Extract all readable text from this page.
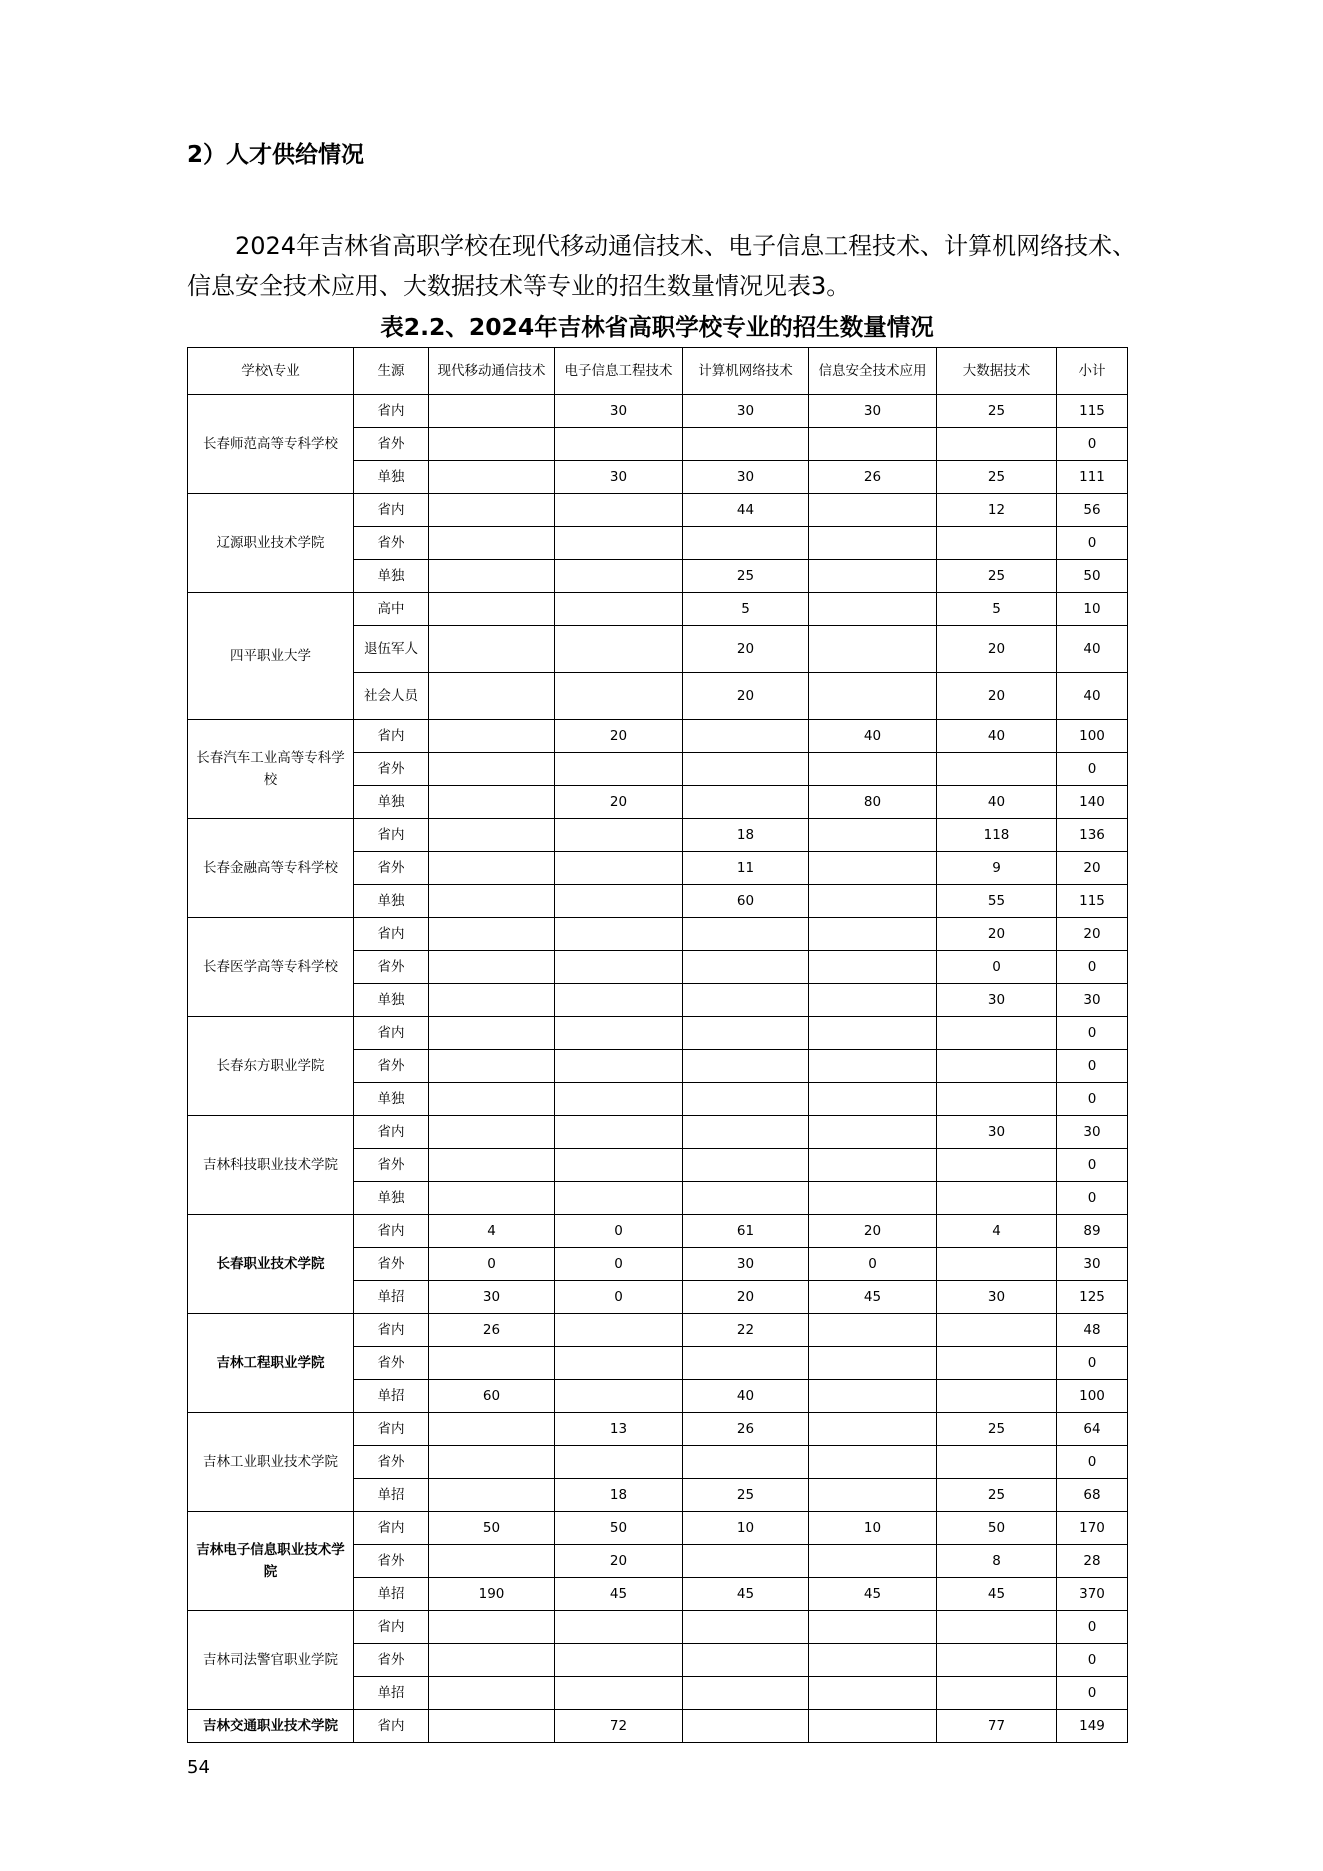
2）人才供给情况

2024年吉林省高职学校在现代移动通信技术、电子信息工程技术、计算机网络技术、信息安全技术应用、大数据技术等专业的招生数量情况见表3。

表2.2、2024年吉林省高职学校专业的招生数量情况

学校\专业	生源	现代移动通信技术	电子信息工程技术	计算机网络技术	信息安全技术应用	大数据技术	小计
长春师范高等专科学校	省内		30	30	30	25	115
	省外						0
	单独		30	30	26	25	111
辽源职业技术学院	省内			44		12	56
	省外						0
	单独			25		25	50
四平职业大学	高中			5		5	10
	退伍军人			20		20	40
	社会人员			20		20	40
长春汽车工业高等专科学校	省内		20		40	40	100
	省外						0
	单独		20		80	40	140
长春金融高等专科学校	省内			18		118	136
	省外			11		9	20
	单独			60		55	115
长春医学高等专科学校	省内					20	20
	省外					0	0
	单独					30	30
长春东方职业学院	省内						0
	省外						0
	单独						0
吉林科技职业技术学院	省内					30	30
	省外						0
	单独						0
长春职业技术学院	省内	4	0	61	20	4	89
	省外	0	0	30	0		30
	单招	30	0	20	45	30	125
吉林工程职业学院	省内	26		22			48
	省外						0
	单招	60		40			100
吉林工业职业技术学院	省内		13	26		25	64
	省外						0
	单招		18	25		25	68
吉林电子信息职业技术学院	省内	50	50	10	10	50	170
	省外		20			8	28
	单招	190	45	45	45	45	370
吉林司法警官职业学院	省内						0
	省外						0
	单招						0
吉林交通职业技术学院	省内		72			77	149

54
